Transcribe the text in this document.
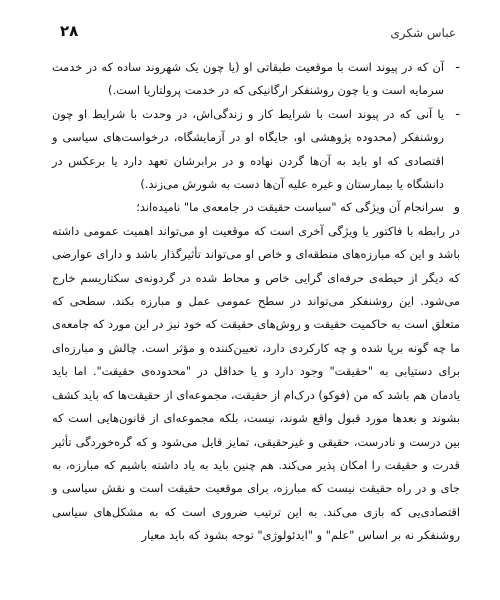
۲۸	عباس شکری
-
آن که در پیوند است با موقعیت طبقاتی او (یا چون یک شهروند ساده که در خدمت سرمایه است و یا چون روشنفکر ارگانیکی که در خدمت پرولتاریا است.)
-
یا آنی که در پیوند است با شرایط کار و زندگی‌اش، در وحدت با شرایط او چون روشنفکر (محدوده پژوهشی او، جایگاه او در آزمایشگاه، درخواست‌های سیاسی و اقتصادی که او باید به آن‌ها گردن نهاده و در برابرشان تعهد دارد یا برعکس در دانشگاه یا بیمارستان و غیره علیه آن‌ها دست به شورش می‌زند.)
و
سرانجام آن ویژگی که "سیاست حقیقت در جامعه‌ی ما" نامیده‌اند؛

در رابطه با فاکتور یا ویژگی آخری است که موقعیت او می‌تواند اهمیت عمومی داشته باشد و این که مبارزه‌های منطقه‌ای و خاص او می‌تواند تأثیرگذار باشد و دارای عوارضی که دیگر از حیطه‌ی حرفه‌ای گرایی خاص و محاط شده در گردونه‌ی سکتاریسم خارج می‌شود. این روشنفکر می‌تواند در سطح عمومی عمل و مبارزه بکند. سطحی که متعلق است به حاکمیت حقیقت و روش‌های حقیقت که خود نیز در این مورد که جامعه‌ی ما چه گونه برپا شده و چه کارکردی دارد، تعیین‌کننده و مؤثر است. چالش و مبارزه‌ای برای دستیابی به "حقیقت" وجود دارد و یا حداقل در "محدوده‌ی حقیقت". اما باید یادمان هم باشد که من (فوکو) درک‌ام از حقیقت، مجموعه‌ای از حقیقت‌ها که باید کشف بشوند و بعدها مورد قبول واقع شوند، نیست، بلکه مجموعه‌ای از قانون‌هایی است که بین درست و نادرست، حقیقی و غیرحقیقی، تمایز قایل می‌شود و که گره‌خوردگی تأثیر قدرت و حقیقت را امکان پذیر می‌کند. هم چنین باید به یاد داشته باشیم که مبارزه، به جای و در راه حقیقت نیست که مبارزه، برای موقعیت حقیقت است و نقش سیاسی و اقتصادی‌یی که بازی می‌کند. به این ترتیب ضروری است که به مشکل‌های سیاسی روشنفکر نه بر اساس "علم" و "ایدئولوژی" توجه بشود که باید معیار
